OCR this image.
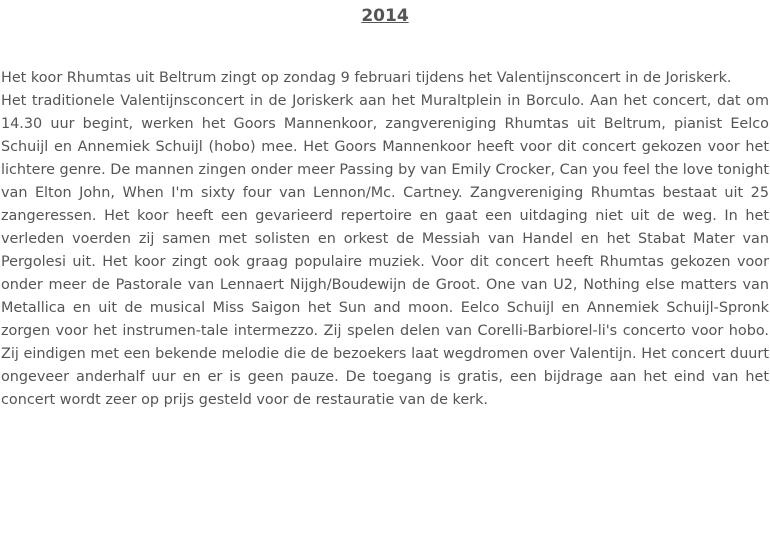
2014

Het koor Rhumtas uit Beltrum zingt op zondag 9 februari tijdens het Valentijnsconcert in de Joriskerk.

Het traditionele Valentijnsconcert in de Joriskerk aan het Muraltplein in Borculo. Aan het concert, dat om 14.30 uur begint, werken het Goors Mannenkoor, zangvereniging Rhumtas uit Beltrum, pianist Eelco Schuijl en Annemiek Schuijl (hobo) mee. Het Goors Mannenkoor heeft voor dit concert gekozen voor het lichtere genre. De mannen zingen onder meer Passing by van Emily Crocker, Can you feel the love tonight van Elton John, When I'm sixty four van Lennon/Mc. Cartney. Zangvereniging Rhumtas bestaat uit 25 zangeressen. Het koor heeft een gevarieerd repertoire en gaat een uitdaging niet uit de weg. In het verleden voerden zij samen met solisten en orkest de Messiah van Handel en het Stabat Mater van Pergolesi uit. Het koor zingt ook graag populaire muziek. Voor dit concert heeft Rhumtas gekozen voor onder meer de Pastorale van Lennaert Nijgh/Boudewijn de Groot. One van U2, Nothing else matters van Metallica en uit de musical Miss Saigon het Sun and moon. Eelco Schuijl en Annemiek Schuijl-Spronk zorgen voor het instrumen-tale intermezzo. Zij spelen delen van Corelli-Barbiorel-li's concerto voor hobo. Zij eindigen met een bekende melodie die de bezoekers laat wegdromen over Valentijn. Het concert duurt ongeveer anderhalf uur en er is geen pauze. De toegang is gratis, een bijdrage aan het eind van het concert wordt zeer op prijs gesteld voor de restauratie van de kerk.
